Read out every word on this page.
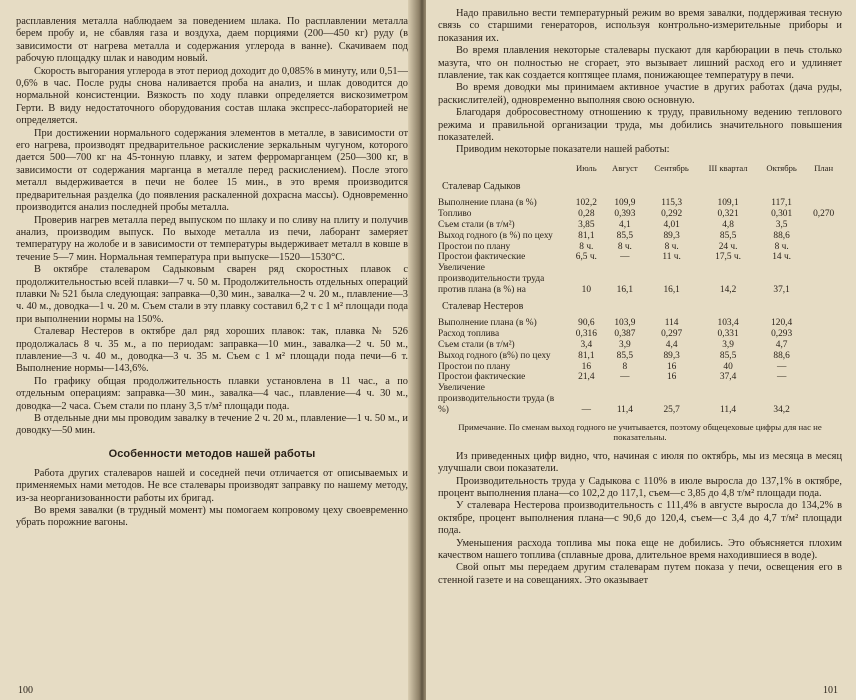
расплавления металла наблюдаем за поведением шлака. По расплавлении металла берем пробу и, не сбавляя газа и воздуха, даем порциями (200—450 кг) руду (в зависимости от нагрева металла и содержания углерода в ванне). Скачиваем под рабочую площадку шлак и наводим новый.

Скорость выгорания углерода в этот период доходит до 0,085% в минуту, или 0,51—0,6% в час. После руды снова наливается проба на анализ, и шлак доводится до нормальной консистенции. Вязкость по ходу плавки определяется вискозиметром Герти. В виду недостаточного оборудования состав шлака экспресс-лабораторией не определяется.

При достижении нормального содержания элементов в металле, в зависимости от его нагрева, производят предварительное раскисление зеркальным чугуном, которого дается 500—700 кг на 45-тонную плавку, и затем ферромарганцем (250—300 кг, в зависимости от содержания марганца в металле перед раскислением). После этого металл выдерживается в печи не более 15 мин., в это время производится предварительная разделка (до появления раскаленной дохрасна массы). Одновременно производится анализ последней пробы металла.

Проверив нагрев металла перед выпуском по шлаку и по сливу на плиту и получив анализ, производим выпуск. По выходе металла из печи, лаборант замеряет температуру на жолобе и в зависимости от температуры выдерживает металл в ковше в течение 5—7 мин. Нормальная температура при выпуске—1520—1530°С.

В октябре сталеваром Садыковым сварен ряд скоростных плавок с продолжительностью всей плавки—7 ч. 50 м. Продолжительность отдельных операций плавки № 521 была следующая: заправка—0,30 мин., завалка—2 ч. 20 м., плавление—3 ч. 40 м., доводка—1 ч. 20 м. Съем стали в эту плавку составил 6,2 т с 1 м² площади пода при выполнении нормы на 150%.

Сталевар Нестеров в октябре дал ряд хороших плавок: так, плавка № 526 продолжалась 8 ч. 35 м., а по периодам: заправка—10 мин., завалка—2 ч. 50 м., плавление—3 ч. 40 м., доводка—3 ч. 35 м. Съем с 1 м² площади пода печи—6 т. Выполнение нормы—143,6%.

По графику общая продолжительность плавки установлена в 11 час., а по отдельным операциям: заправка—30 мин., завалка—4 час., плавление—4 ч. 30 м., доводка—2 часа. Съем стали по плану 3,5 т/м² площади пода.

В отдельные дни мы проводим завалку в течение 2 ч. 20 м., плавление—1 ч. 50 м., и доводку—50 мин.

Особенности методов нашей работы

Работа других сталеваров нашей и соседней печи отличается от описываемых и применяемых нами методов. Не все сталевары производят заправку по нашему методу, из-за неорганизованности работы их бригад.

Во время завалки (в трудный момент) мы помогаем копровому цеху своевременно убрать порожние вагоны.

100

Надо правильно вести температурный режим во время завалки, поддерживая тесную связь со старшими генераторов, используя контрольно-измерительные приборы и показания их.

Во время плавления некоторые сталевары пускают для карбюрации в печь столько мазута, что он полностью не сгорает, это вызывает лишний расход его и удлиняет плавление, так как создается коптящее пламя, понижающее температуру в печи.

Во время доводки мы принимаем активное участие в других работах (дача руды, раскислителей), одновременно выполняя свою основную.

Благодаря добросовестному отношению к труду, правильному ведению теплового режима и правильной организации труда, мы добились значительного повышения показателей.

Приводим некоторые показатели нашей работы:

	Июль	Август	Сентябрь	III квартал	Октябрь	План
Сталевар Садыков						
Выполнение плана (в %)	102,2	109,9	115,3	109,1	117,1	
Топливо	0,28	0,393	0,292	0,321	0,301	0,270
Съем стали (в т/м²)	3,85	4,1	4,01	4,8	3,5	
Выход годного (в %) по цеху	81,1	85,5	89,3	85,5	88,6	
Простои по плану	8 ч.	8 ч.	8 ч.	24 ч.	8 ч.	
Простои фактические	6,5 ч.	—	11 ч.	17,5 ч.	14 ч.	
Увеличение производительности труда против плана (в %) на	10	16,1	16,1	14,2	37,1	
Сталевар Нестеров						
Выполнение плана (в %)	90,6	103,9	114	103,4	120,4	
Расход топлива	0,316	0,387	0,297	0,331	0,293	
Съем стали (в т/м²)	3,4	3,9	4,4	3,9	4,7	
Выход годного (в%) по цеху	81,1	85,5	89,3	85,5	88,6	
Простои по плану	16	8	16	40	—	
Простои фактические	21,4	—	16	37,4	—	
Увеличение производительности труда (в %)	—	11,4	25,7	11,4	34,2	
Примечание. По сменам выход годного не учитывается, поэтому общецеховые цифры для нас не показательны.

Из приведенных цифр видно, что, начиная с июля по октябрь, мы из месяца в месяц улучшали свои показатели.

Производительность труда у Садыкова с 110% в июле выросла до 137,1% в октябре, процент выполнения плана—со 102,2 до 117,1, съем—с 3,85 до 4,8 т/м² площади пода.

У сталевара Нестерова производительность с 111,4% в августе выросла до 134,2% в октябре, процент выполнения плана—с 90,6 до 120,4, съем—с 3,4 до 4,7 т/м² площади пода.

Уменьшения расхода топлива мы пока еще не добились. Это объясняется плохим качеством нашего топлива (сплавные дрова, длительное время находившиеся в воде).

Свой опыт мы передаем другим сталеварам путем показа у печи, освещения его в стенной газете и на совещаниях. Это оказывает

101
